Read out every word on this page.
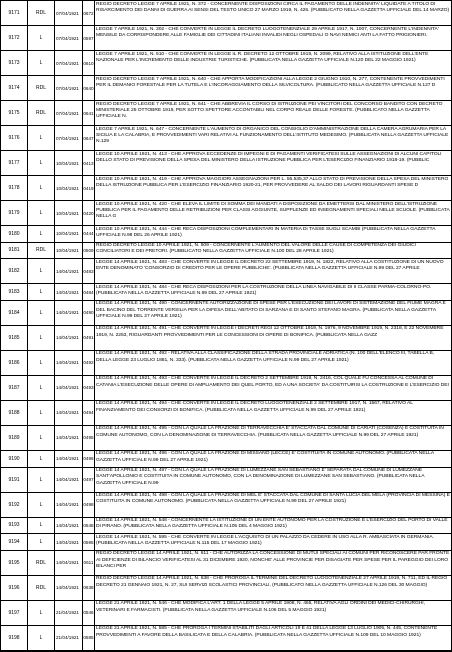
9171	RDL	07/04/1921 0672
REGIO DECRETO LEGGE 7 APRILE 1921, N. 372 - CONCERNENTE DISPOSIZIONI CIRCA IL PAGAMENTO DELLE INDENNITA' LIQUIDATE A TITOLO DI RISARCIMENTO DEI DANNI DI GUERRA AI SENSI DEL TESTO UNICO 27 MARZO 1919, N. 426. (PUBBLICATO NELLA GAZZETTA UFFICIALE DEL 14 MARZO)
9172	L	07/04/1921 0597
LEGGE 7 APRILE 1921, N. 302 - CHE CONVERTE IN LEGGE IL DECRETO LUOGOTENENZIALE 29 APRILE 1917, N. 1007, CONCERNENTE L'INDENNITA' MENSILE DA CORRISPONDERE ALLE FAMIGLIE DEI CITTADINI ITALIANI INVALIDI NEGLI OSPEDALI O NAVI NEMICI ANTI LA FATTO PRIGIONIERI.
9173	L	07/04/1921 0610
LEGGE 7 APRILE 1921, N. 510 - CHE CONVERTE IN LEGGE IL R. DECRETO 12 OTTOBRE 1919, N. 2099, RELATIVO ALLA ISTITUZIONE DELL'ENTE NAZIONALE PER L'INCREMENTO DELLE INDUSTRIE TURISTICHE. (PUBBLICATA NELLA GAZZETTA UFFICIALE N.120 DEL 22 MAGGIO 1921)
9174	RDL	07/04/1921 0640
REGIO DECRETO LEGGE 7 APRILE 1921, N. 640 - CHE APPORTA MODIFICAZIONI ALLA LEGGE 2 GIUGNO 1910, N. 277, CONTENENTE PROVVEDIMENTI PER IL DEMANIO FORESTALE PER LA TUTELA E L'INCORAGGIAMENTO DELLA SILVICOLTURA. (PUBBLICATO NELLA GAZZETTA UFFICIALE N.127 D
9175	RDL	07/04/1921 0641
REGIO DECRETO LEGGE 7 APRILE 1921, N. 641 - CHE ABBREVIA IL CORSO DI ISTRUZIONE PEI VINCITORI DEL CONCORSO BANDITO CON DECRETO MINISTERIALE 25 OTTOBRE 1919, PER SOTTO SPETTORE ACCONTABILI NEL CORPO REALE DELLE FORESTE. (PUBBLICATO NELLA GAZZETTA UFFICIALE N.
9176	L	07/04/1921 0647
LEGGE 7 APRILE 1921, N. 647 - CONCERNENTE L'AUMENTO DI ORGANICO DEL CONSIGLIO D'AMMINISTRAZIONE DELLA CAMERA AGRUMARIA PER LA SICILIA E LA CALABRIA, E PROVVEDIMENTI VARI RELATIVI AL FUNZIONAMENTO DELL'ISTITUTO MEDESIMO. (PUBBLICATA NELLA GAZZETTA UFFICIALE N.129
9177	L	10/04/1921 0413
LEGGE 10 APRILE 1921, N. 413 - CHE APPROVA ECCEDENZE DI IMPEGNI E DI PAGAMENTI VERIFICATESI SULLE ASSEGNAZIONI DI ALCUNI CAPITOLI DELLO STATO DI PREVISIONE DELLA SPESA DEL MINISTERO DELLA ISTRUZIONE PUBBLICA PER L'ESERCIZIO FINANZIARIO 1918-19. (PUBBLIC
9178	L	10/04/1921 0419
LEGGE 10 APRILE 1921, N. 419 - CHE APPROVA MAGGIORI ASSEGNAZIONI PER L. 55.535,37 ALLO STATO DI PREVISIONE DELLA SPESA DEL MINISTERO DELLA ISTRUZIONE PUBBLICA PER L'ESERCIZIO FINANZIARIO 1920-21, PER PROVVEDERE AL SALDO DEI LAVORI RIGUARDANTI SPESE D
9179	L	10/04/1921 0420
LEGGE 10 APRILE 1921, N. 420 - CHE ELEVA IL LIMITE DI SOMMA DEI MANDATI A DISPOSIZIONE DA EMETTERSI DAL MINISTERO DELL'ISTRUZIONE PUBBLICA PER IL PAGAMENTO DELLE RETRIBUZIONI PER CLASSI AGGIUNTE, SUPPLENZE ED INSEGNAMENTI SPECIALI NELLE SCUOLE. (PUBBLICATA NELLA G
9180	L	10/04/1921 0444
LEGGE 10 APRILE 1921, N. 444 - CHE RECA DISPOSIZIONI COMPLEMENTARI IN MATERIA DI TASSE SUGLI SCAMBI (PUBBLICATA NELLA GAZZETTA UFFICIALE N.98 DEL 26 APRILE 1921)
9181	RDL	10/04/1921 0509
REGIO DECRETO LEGGE 10 APRILE 1921, N. 509 - CONCERNENTE L'AUMENTO DEL VALORE DELLE CAUSE DI COMPETENZA DEI GIUDICI CONCILIATORI E DEI PRETORI. (PUBBLICATO NELLA GAZZETTA UFFICIALE N.100 DEL 28 APRILE 1921)
9182	L	14/04/1921 0483
LEGGE 14 APRILE 1921, N. 483 - CHE CONVERTE IN LEGGE IL DECRETO 22 SETTEMBRE 1919, N. 1822, RELATIVO ALLA COSTITUZIONE DI UN NUOVO ENTE DENOMINATO 'CONSORZIO DI CREDITO PER LE OPERE PUBBLICHE'. (PUBBLICATA NELLA GAZZETTA UFFICIALE N.99 DEL 27 APRILE
9183	L	14/04/1921 0484
LEGGE 14 APRILE 1921, N. 484 - CHE RECA DISPOSIZIONI PER LA COSTRUZIONE DELLA LINEA NAVIGABILE DI II CLASSE PARMA-COLORNO-PO. (PUBBLICATA NELLA GAZZETTA UFFICIALE N.99 DEL 27 APRILE 1921)
9184	L	14/04/1921 0490
LEGGE 14 APRILE 1921, N. 490 - CONCERNENTE AUTORIZZAZIONE DI SPESE PER L'ESECUZIONE DEI LAVORI DI SISTEMAZIONE DEL FIUME MAGRA E DEL BACINO DEL TORRENTE VERSILIA PER LA DIFESA DELL'ABITATO DI SARZANA E DI SANTO STEFANO MAGRA. (PUBBLICATA NELLA GAZZETTA UFFICIALE N.99 DEL 27 APRILE 1921)
9185	L	14/04/1921 0491
LEGGE 14 APRILE 1921, N. 491 - CHE CONVERTE IN LEGGE I DECRETI REGI 12 OTTOBRE 1919, N. 1976, 9 NOVEMBRE 1919, N. 2318, E 22 NOVEMBRE 1919, N. 2253, RIGUARDANTI PROVVEDIMENTI PER LE CONCESSIONI DI OPERE DI BONIFICA. (PUBBLICATA NELLA GAZZ
9186	L	14/04/1921 0492
LEGGE 14 APRILE 1921, N. 492 - RELATIVA ALLA CLASSIFICAZIONE DELLA STRADA PROVINCIALE ADRIATICA (N. 100 DELL'ELENCO III, TABELLA B, DELLA LEGGE 23 LUGLIO 1881, N. 333). (PUBBLICATA NELLA GAZZETTA UFFICIALE N.99 DEL 27 APRILE 1921)
9187	L	14/04/1921 0493
LEGGE 14 APRILE 1921, N. 493 - CHE CONVERTE IN LEGGE IL DECRETO 2 SETTEMBRE 1919, N. 2416, COL QUALE FU CONCESSA AL COMUNE DI CATANIA L'ESECUZIONE DELLE OPERE DI AMPLIAMENTO DEI QUEL PORTO, ED A UNA SOCIETA' DA COSTITUIRSI LA COSTRUZIONE E L'ESERCIZIO DEI
9188	L	14/04/1921 0494
LEGGE 14 APRILE 1921, N. 494 - CHE CONVERTE IN LEGGE IL DECRETO LUOGOTENENZIALE 2 SETTEMBRE 1917, N. 1567, RELATIVO AL FINANZIAMENTO DEI CONSORZI DI BONIFICA. (PUBBLICATA NELLA GAZZETTA UFFICIALE N.99 DEL 27 APRILE 1921)
9189	L	14/04/1921 0495
LEGGE 14 APRILE 1921, N. 495 - CON LA QUALE LA FRAZIONE DI TERRAVECCHIA E' STACCATA DAL COMUNE DI CARIATI (COSENZA) E COSTITUITA IN COMUNE AUTONOMO, CON LA DENOMINAZIONE DI TERRAVECCHIA. (PUBBLICATA NELLA GAZZETTA UFFICIALE N.99 DEL 27 APRILE 1921)
9190	L	14/04/1921 0496
LEGGE 14 APRILE 1921, N. 496 - CON LA QUALE LA FRAZIONE DI MISSANO (LECCE) E' COSTITUITA IN COMUNE AUTONOMO. (PUBBLICATA NELLA GAZZETTA UFFICIALE N.99 DEL 27 APRILE 1921)
9191	L	14/04/1921 0497
LEGGE 14 APRILE 1921, N. 497 - CON LA QUALE LA FRAZIONE DI LUMEZZANE SAN SEBASTIANO E' SEPARATA DAL COMUNE DI LUMEZZANE SANT'APOLLONIO E COSTITUITA IN COMUNE AUTONOMO, CON LA DENOMINAZIONE DI LUMEZZANE SAN SEBASTIANO. (PUBBLICATA NELLA GAZZETTA UFFICIALE N.99
9192	L	14/04/1921 0498
LEGGE 14 APRILE 1921, N. 498 - CON LA QUALE LA FRAZIONE DI MEL E' STACCATA DAL COMUNE DI SANTA LUCIA DEL MELA (PROVINCIA DI MESSINA) E COSTITUITA IN COMUNE AUTONOMO. (PUBBLICATA NELLA GAZZETTA UFFICIALE N.99 DEL 27 APRILE 1921)
9193	L	14/04/1921 0548
LEGGE 14 APRILE 1921, N. 548 - CONCERNENTE LA ISTITUZIONE DI UN ENTE AUTONOMO PER LA COSTRUZIONE E L'ESERCIZIO DEL PORTO DI VALLE DI PIRANO. (PUBBLICATA NELLA GAZZETTA UFFICIALE N.105 DEL 4 MAGGIO 1921)
9194	L	14/04/1921 0595
LEGGE 14 APRILE 1921, N. 595 - CHE CONVERTE IN LEGGE L'ACQUISTO DI UN PALAZZO DA CEDERE IN USO ALLA R. AMBASCIATA IN GERMANIA. (PUBBLICATA NELLA GAZZETTA UFFICIALE N.115 DEL 17 MAGGIO 1921)
9195	RDL	14/04/1921 0611
REGIO DECRETO LEGGE 14 APRILE 1921, N. 611 - CHE AUTORIZZA LA CONCESSIONE DI MUTUI SPECIALI AI COMUNI PER RICONOSCERE PAR FRONTE AI DEFICIENZE DI BILANCIO VERIFICATESI AL 31 DICEMBRE 1920, NONCHE' ALLE PROVINCIE PER DISAGIATE PER SPESE PER IL PAREGGIO DEI LORO BILANCI PER
9196	RDL	14/04/1921 0638
REGIO DECRETO LEGGE 14 APRILE 1921, N. 638 - CHE PROROGA IL TERMINE DEL DECRETO LUOGOTENENZIALE 27 APRILE 1919, N. 711, ED IL REGIO DECRETO 21 GENNAIO 1921, N. 27, SUI SERVIZI SCOLASTICI PROVINCIALI. (PUBBLICATO NELLA GAZZETTA UFFICIALE N.126 DEL 30 MAGGIO)
9197	L	21/04/1921 0546
LEGGE 21 APRILE 1921, N. 546 - CHE MODIFICA L'ART. 1 DELLA LEGGE 5 APRILE 1908, N. 465, RELATIVA AGLI ORDINI DEI MEDICI-CHIRURGHI, VETERINARI E FARMACISTI. (PUBBLICATA NELLA GAZZETTA UFFICIALE N.106 DEL 5 MAGGIO 1921)
9198	L	21/04/1921 0585
LEGGE 21 APRILE 1921, N. 585 - CHE PROROGA I TERMINI STABILITI DAGLI ARTICOLI 19 E 41 DELLA LEGGE 13 LUGLIO 1905, N. 445, CONTENENTE PROVVEDIMENTI A FAVORE DELLA BASILICATA E DELLA CALABRIA. (PUBBLICATA NELLA GAZZETTA UFFICIALE N.109 DEL 10 MAGGIO 1921)
